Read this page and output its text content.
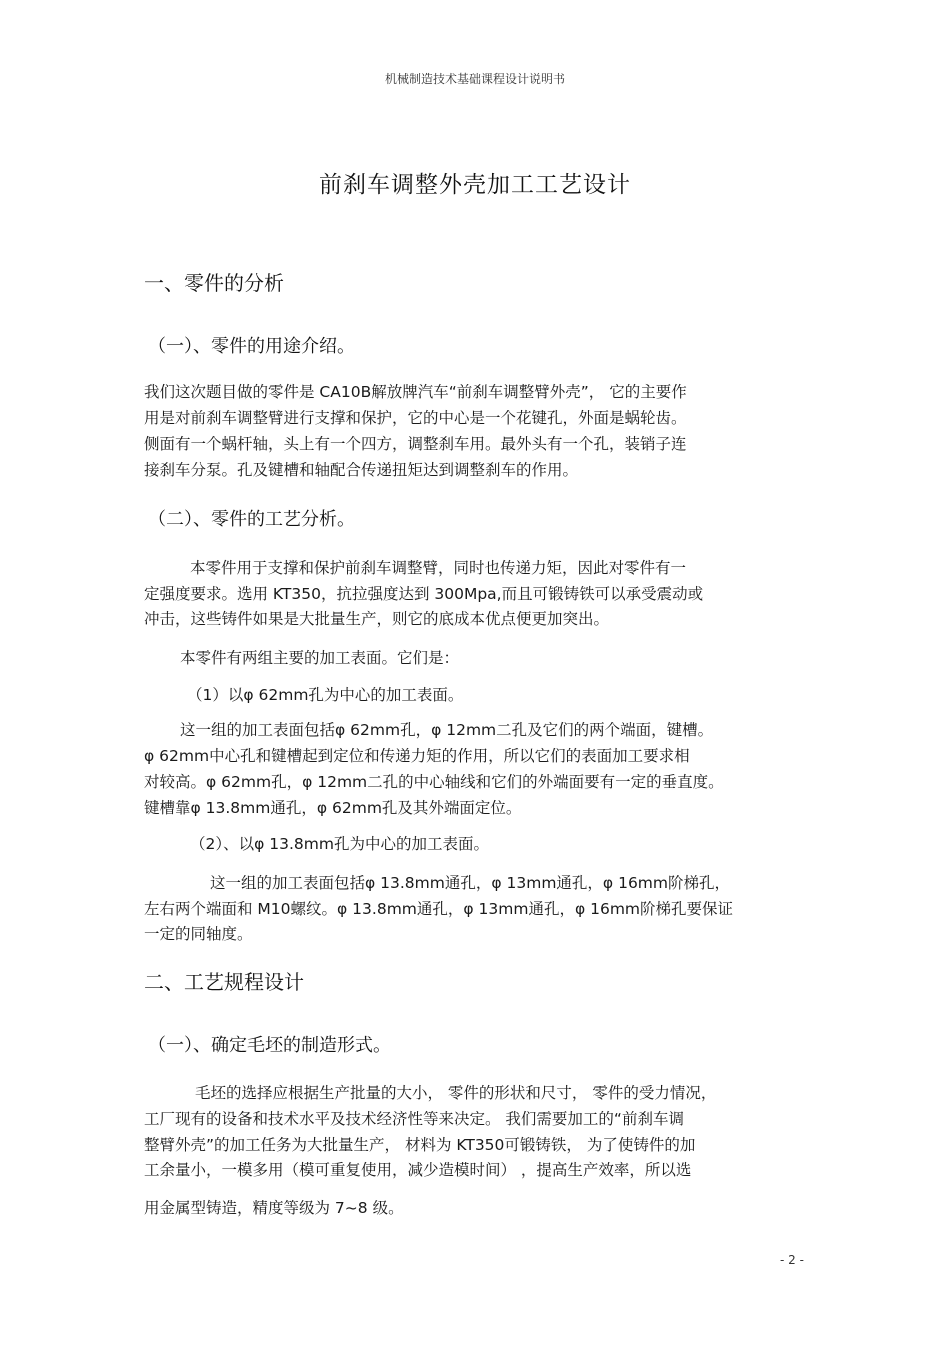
机械制造技术基础课程设计说明书
前刹车调整外壳加工工艺设计
一、零件的分析
（一）、零件的用途介绍。
我们这次题目做的零件是 CA10B解放牌汽车“前刹车调整臂外壳”， 它的主要作
用是对前刹车调整臂进行支撑和保护，它的中心是一个花键孔，外面是蜗轮齿。
侧面有一个蜗杆轴，头上有一个四方，调整刹车用。最外头有一个孔，装销子连
接刹车分泵。孔及键槽和轴配合传递扭矩达到调整刹车的作用。
（二）、零件的工艺分析。
本零件用于支撑和保护前刹车调整臂，同时也传递力矩，因此对零件有一
定强度要求。选用 KT350，抗拉强度达到 300Mpa,而且可锻铸铁可以承受震动或
冲击，这些铸件如果是大批量生产，则它的底成本优点便更加突出。
本零件有两组主要的加工表面。它们是：
（1）以φ 62mm孔为中心的加工表面。
这一组的加工表面包括φ 62mm孔，φ 12mm二孔及它们的两个端面，键槽。
φ 62mm中心孔和键槽起到定位和传递力矩的作用，所以它们的表面加工要求相
对较高。φ 62mm孔，φ 12mm二孔的中心轴线和它们的外端面要有一定的垂直度。
键槽靠φ 13.8mm通孔，φ 62mm孔及其外端面定位。
（2）、以φ 13.8mm孔为中心的加工表面。
这一组的加工表面包括φ 13.8mm通孔，φ 13mm通孔，φ 16mm阶梯孔，
左右两个端面和 M10螺纹。φ 13.8mm通孔，φ 13mm通孔，φ 16mm阶梯孔要保证
一定的同轴度。
二、工艺规程设计
（一）、确定毛坯的制造形式。
毛坯的选择应根据生产批量的大小， 零件的形状和尺寸， 零件的受力情况，
工厂现有的设备和技术水平及技术经济性等来决定。 我们需要加工的“前刹车调
整臂外壳”的加工任务为大批量生产， 材料为 KT350可锻铸铁， 为了使铸件的加
工余量小，一模多用（模可重复使用，减少造模时间） ，提高生产效率，所以选
用金属型铸造，精度等级为 7~8 级。
- 2 -
